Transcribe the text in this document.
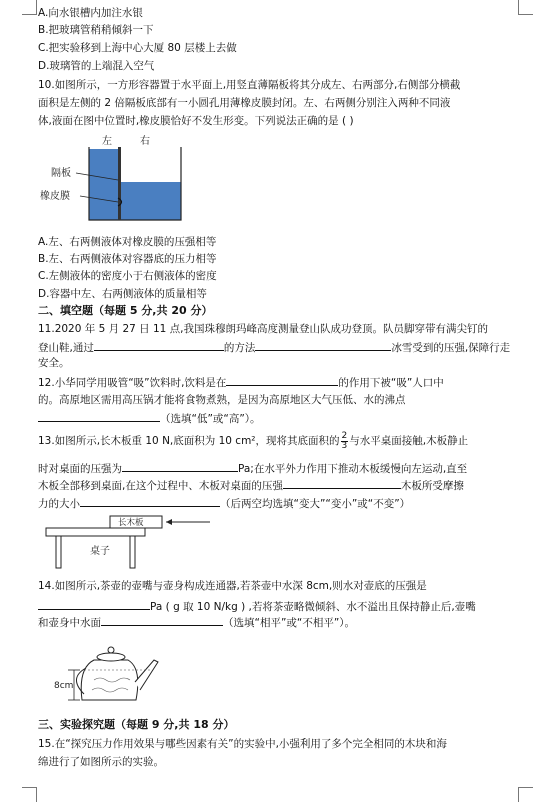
A.向水银槽内加注水银
B.把玻璃管稍稍倾斜一下
C.把实验移到上海中心大厦 80 层楼上去做
D.玻璃管的上端混入空气
10.如图所示，一方形容器置于水平面上,用竖直薄隔板将其分成左、右两部分,右侧部分横截
面积是左侧的 2 倍隔板底部有一小圆孔用薄橡皮膜封闭。左、右两侧分别注入两种不同液
体,液面在图中位置时,橡皮膜恰好不发生形变。下列说法正确的是 ( )
左	右
隔板
橡皮膜
A.左、右两侧液体对橡皮膜的压强相等
B.左、右两侧液体对容器底的压力相等
C.左侧液体的密度小于右侧液体的密度
D.容器中左、右两侧液体的质量相等
二、填空题（每题 5 分,共 20 分）
11.2020 年 5 月 27 日 11 点,我国珠穆朗玛峰高度测量登山队成功登顶。队员脚穿带有满尖钉的
登山鞋,通过	的方法	冰雪受到的压强,保障行走
安全。
12.小华同学用吸管“吸”饮料时,饮料是在	的作用下被“吸”人口中
的。高原地区需用高压锅才能将食物煮熟，是因为高原地区大气压低、水的沸点
（选填“低”或“高”）。
13.如图所示,长木板重 10 N,底面积为 10 cm²，现将其底面积的 $\frac{2}{3}$ 与水平桌面接触,木板静止
时对桌面的压强为	Pa;在水平外力作用下推动木板缓慢向左运动,直至
木板全部移到桌面,在这个过程中、木板对桌面的压强	木板所受摩擦
力的大小	（后两空均选填“变大”“变小”或“不变”）
长木板
桌子
14.如图所示,茶壶的壶嘴与壶身构成连通器,若茶壶中水深 8cm,则水对壶底的压强是
Pa ( g 取 10 N/kg ) ,若将茶壶略微倾斜、水不溢出且保持静止后,壶嘴
和壶身中水面	（选填“相平”或“不相平”）。
8cm
三、实验探究题（每题 9 分,共 18 分）
15.在“探究压力作用效果与哪些因素有关”的实验中,小强利用了多个完全相同的木块和海
绵进行了如图所示的实验。
